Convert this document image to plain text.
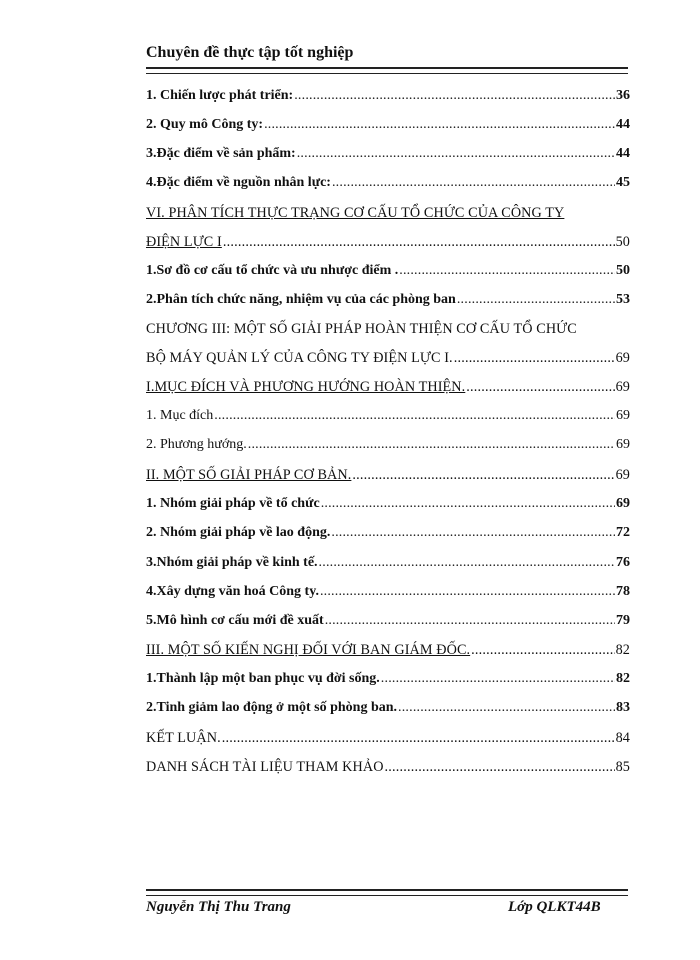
Chuyên đề thực tập tốt nghiệp
1. Chiến lược phát triển: .....	36
2. Quy mô Công ty: .....	44
3.Đặc điểm về sản phẩm: .....	44
4.Đặc điểm về nguồn nhân lực: .....	45
VI. PHÂN TÍCH THỰC TRẠNG CƠ CẤU TỔ CHỨC CỦA CÔNG TY
ĐIỆN LỰC I .....	50
1.Sơ đồ cơ cấu tổ chức và ưu nhược điểm . .....	50
2.Phân tích chức năng, nhiệm vụ của các phòng ban .....	53
CHƯƠNG III: MỘT SỐ GIẢI PHÁP HOÀN THIỆN CƠ CẤU TỔ CHỨC
BỘ MÁY QUẢN LÝ CỦA CÔNG TY ĐIỆN LỰC I. .....	69
I.MỤC ĐÍCH VÀ PHƯƠNG HƯỚNG HOÀN THIỆN. .....	69
1. Mục đích .....	69
2. Phương hướng. .....	69
II. MỘT SỐ GIẢI PHÁP CƠ BẢN. .....	69
1. Nhóm giải pháp về tổ chức .....	69
2. Nhóm giải pháp về lao động. .....	72
3.Nhóm giải pháp về kinh tế. .....	76
4.Xây dựng văn hoá Công ty. .....	78
5.Mô hình cơ cấu mới đề xuất .....	79
III. MỘT SỐ KIẾN NGHỊ ĐỐI VỚI BAN GIÁM ĐỐC. .....	82
1.Thành lập một ban phục vụ đời sống. .....	82
2.Tinh giảm lao động ở một số phòng ban. .....	83
KẾT LUẬN. .....	84
DANH SÁCH TÀI LIỆU THAM KHẢO .....	85
Nguyễn Thị Thu Trang	Lớp QLKT44B
